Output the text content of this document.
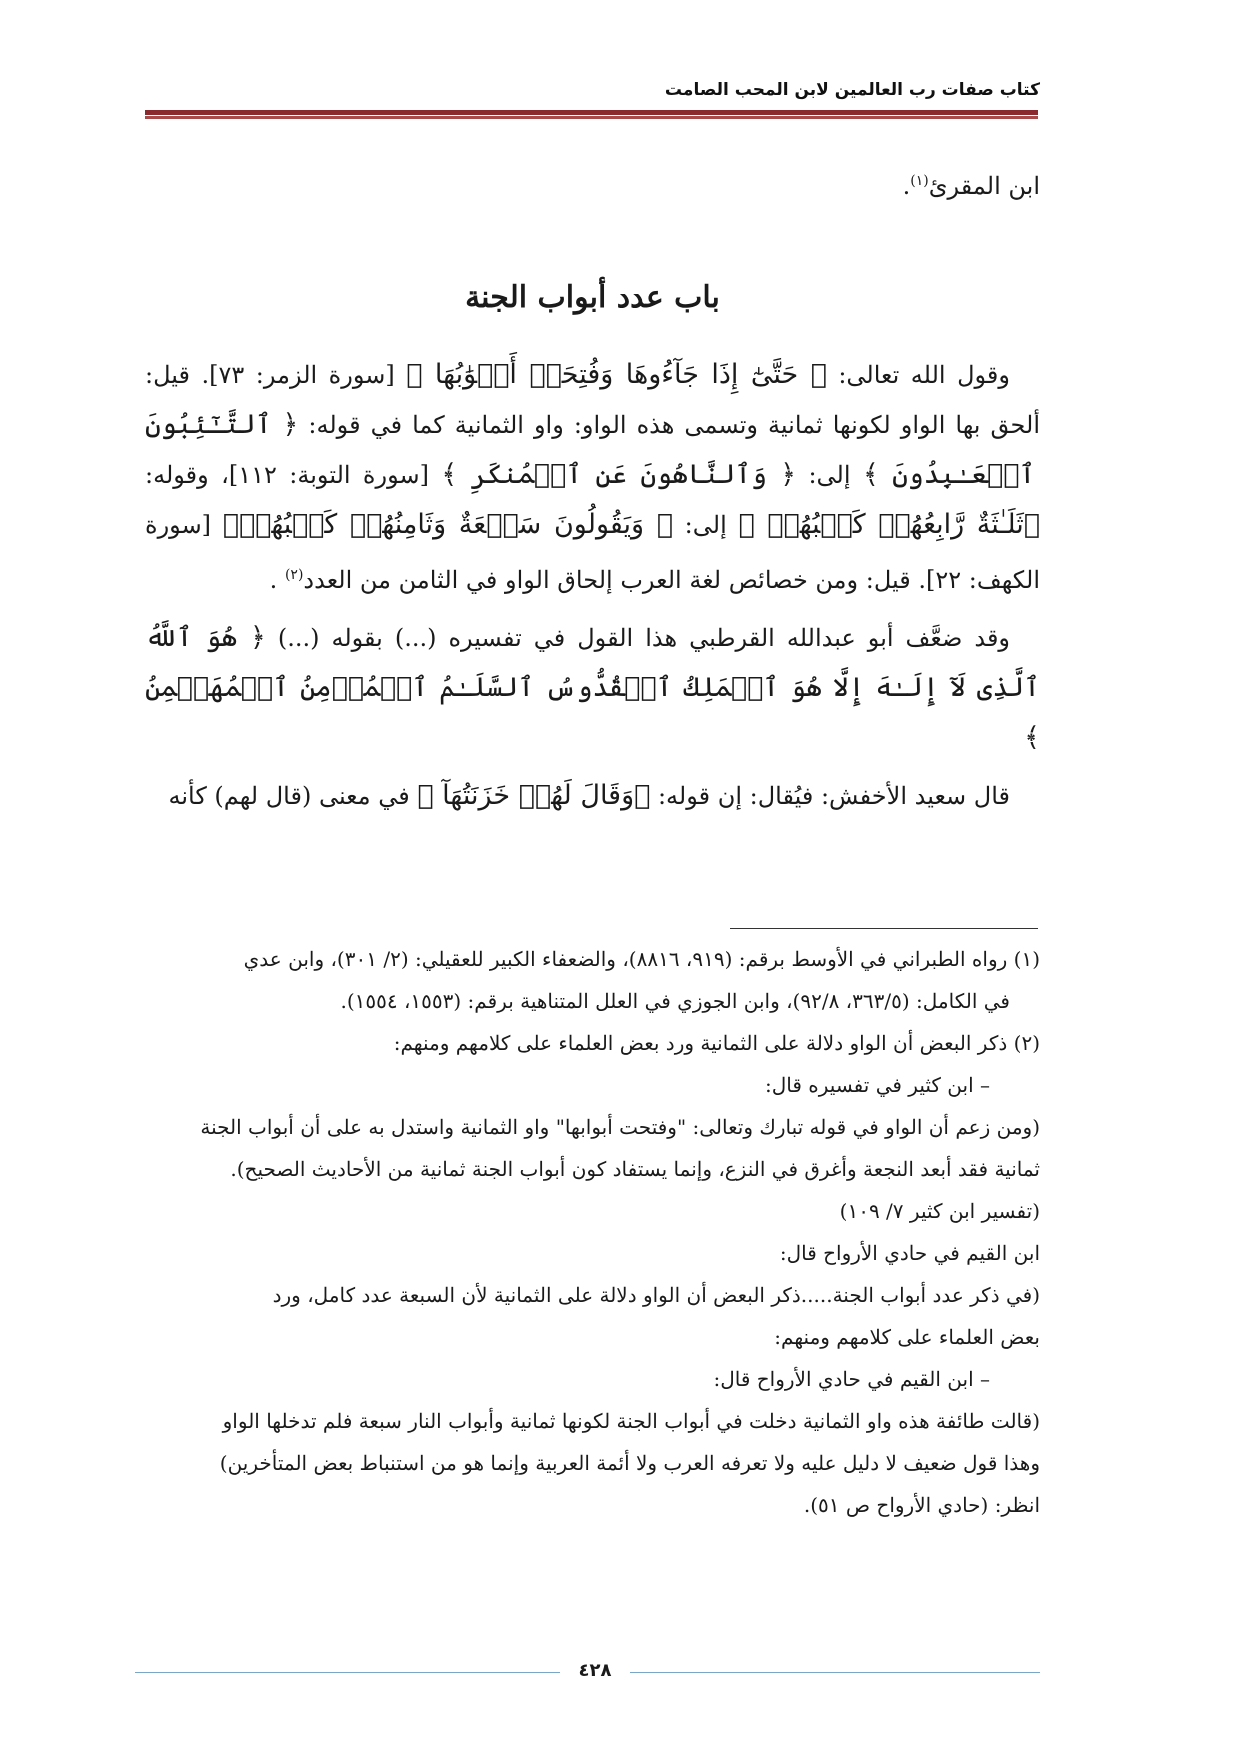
كتاب صفات رب العالمين لابن المحب الصامت

ابن المقرئ$^{(١)}$.

باب عدد أبواب الجنة

وقول الله تعالى: ﴿ حَتَّىٰٓ إِذَا جَآءُوهَا وَفُتِحَتۡ أَبۡوَٰبُهَا ﴾ [سورة الزمر: ٧٣]. قيل: ألحق بها الواو لكونها ثمانية وتسمى هذه الواو: واو الثمانية كما في قوله: ﴿ ٱلتَّـٰٓئِبُونَ ٱلۡعَـٰبِدُونَ ﴾ إلى: ﴿ وَٱلنَّاهُونَ عَنِ ٱلۡمُنكَرِ ﴾ [سورة التوبة: ١١٢]، وقوله: ﴿ثَلَـٰثَةٌ رَّابِعُهُمۡ كَلۡبُهُمۡ ﴾ إلى: ﴿ وَيَقُولُونَ سَبۡعَةٌ وَثَامِنُهُمۡ كَلۡبُهُمۡ﴾ [سورة الكهف: ٢٢]. قيل: ومن خصائص لغة العرب إلحاق الواو في الثامن من العدد$^{(٢)}$ .

وقد ضعَّف أبو عبدالله القرطبي هذا القول في تفسيره (...) بقوله (...) ﴿ هُوَ ٱللَّهُ ٱلَّذِى لَآ إِلَـٰهَ إِلَّا هُوَ ٱلۡمَلِكُ ٱلۡقُدُّوسُ ٱلسَّلَـٰمُ ٱلۡمُؤۡمِنُ ٱلۡمُهَيۡمِنُ ﴾

قال سعيد الأخفش: فيُقال: إن قوله: ﴿وَقَالَ لَهُمۡ خَزَنَتُهَآ ﴾ في معنى (قال لهم) كأنه

(١) رواه الطبراني في الأوسط برقم: (٩١٩، ٨٨١٦)، والضعفاء الكبير للعقيلي: (٢/ ٣٠١)، وابن عدي

في الكامل: (٣٦٣/٥، ٩٢/٨)، وابن الجوزي في العلل المتناهية برقم: (١٥٥٣، ١٥٥٤).

(٢) ذكر البعض أن الواو دلالة على الثمانية ورد بعض العلماء على كلامهم ومنهم:

– ابن كثير في تفسيره قال:

(ومن زعم أن الواو في قوله تبارك وتعالى: "وفتحت أبوابها" واو الثمانية واستدل به على أن أبواب الجنة

ثمانية فقد أبعد النجعة وأغرق في النزع، وإنما يستفاد كون أبواب الجنة ثمانية من الأحاديث الصحيح).

(تفسير ابن كثير ٧/ ١٠٩)

ابن القيم في حادي الأرواح قال:

(في ذكر عدد أبواب الجنة.....ذكر البعض أن الواو دلالة على الثمانية لأن السبعة عدد كامل، ورد

بعض العلماء على كلامهم ومنهم:

– ابن القيم في حادي الأرواح قال:

(قالت طائفة هذه واو الثمانية دخلت في أبواب الجنة لكونها ثمانية وأبواب النار سبعة فلم تدخلها الواو

وهذا قول ضعيف لا دليل عليه ولا تعرفه العرب ولا أئمة العربية وإنما هو من استنباط بعض المتأخرين)

انظر: (حادي الأرواح ص ٥١).

٤٢٨
